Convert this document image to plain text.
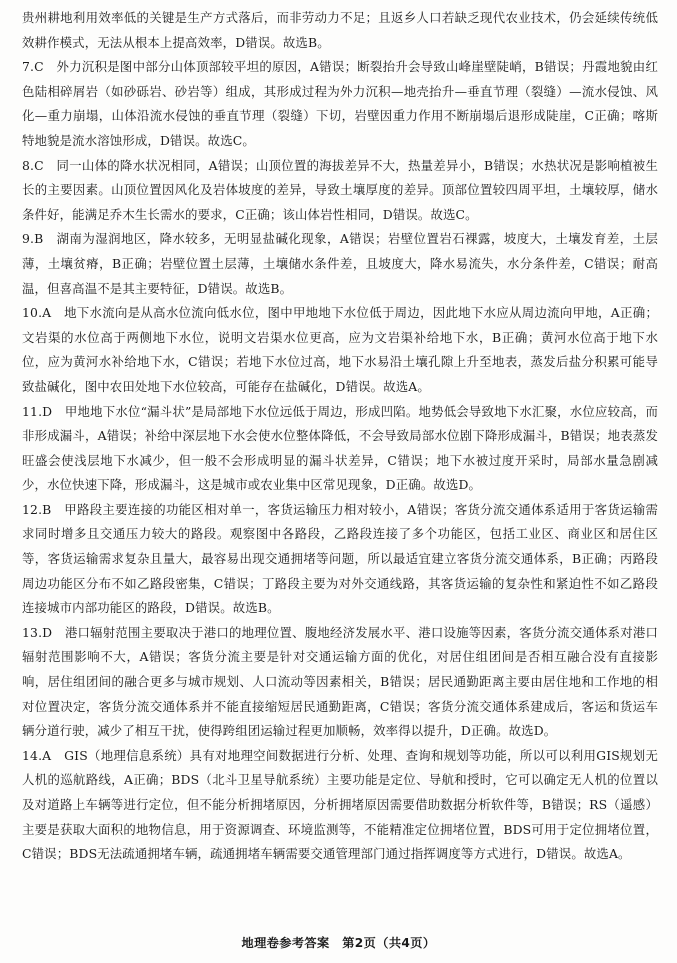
贵州耕地利用效率低的关键是生产方式落后，而非劳动力不足；且返乡人口若缺乏现代农业技术，仍会延续传统低效耕作模式，无法从根本上提高效率，D错误。故选B。

7.C　外力沉积是图中部分山体顶部较平坦的原因，A错误；断裂抬升会导致山峰崖壁陡峭，B错误；丹霞地貌由红色陆相碎屑岩（如砂砾岩、砂岩等）组成，其形成过程为外力沉积—地壳抬升—垂直节理（裂缝）—流水侵蚀、风化—重力崩塌，山体沿流水侵蚀的垂直节理（裂缝）下切，岩壁因重力作用不断崩塌后退形成陡崖，C正确；喀斯特地貌是流水溶蚀形成，D错误。故选C。

8.C　同一山体的降水状况相同，A错误；山顶位置的海拔差异不大，热量差异小，B错误；水热状况是影响植被生长的主要因素。山顶位置因风化及岩体坡度的差异，导致土壤厚度的差异。顶部位置较四周平坦，土壤较厚，储水条件好，能满足乔木生长需水的要求，C正确；该山体岩性相同，D错误。故选C。

9.B　湖南为湿润地区，降水较多，无明显盐碱化现象，A错误；岩壁位置岩石裸露，坡度大，土壤发育差，土层薄，土壤贫瘠，B正确；岩壁位置土层薄，土壤储水条件差，且坡度大，降水易流失，水分条件差，C错误；耐高温，但喜高温不是其主要特征，D错误。故选B。

10.A　地下水流向是从高水位流向低水位，图中甲地地下水位低于周边，因此地下水应从周边流向甲地，A正确；文岩渠的水位高于两侧地下水位，说明文岩渠水位更高，应为文岩渠补给地下水，B正确；黄河水位高于地下水位，应为黄河水补给地下水，C错误；若地下水位过高，地下水易沿土壤孔隙上升至地表，蒸发后盐分积累可能导致盐碱化，图中农田处地下水位较高，可能存在盐碱化，D错误。故选A。

11.D　甲地地下水位“漏斗状”是局部地下水位远低于周边，形成凹陷。地势低会导致地下水汇聚，水位应较高，而非形成漏斗，A错误；补给中深层地下水会使水位整体降低，不会导致局部水位剧下降形成漏斗，B错误；地表蒸发旺盛会使浅层地下水减少，但一般不会形成明显的漏斗状差异，C错误；地下水被过度开采时，局部水量急剧减少，水位快速下降，形成漏斗，这是城市或农业集中区常见现象，D正确。故选D。

12.B　甲路段主要连接的功能区相对单一，客货运输压力相对较小，A错误；客货分流交通体系适用于客货运输需求同时增多且交通压力较大的路段。观察图中各路段，乙路段连接了多个功能区，包括工业区、商业区和居住区等，客货运输需求复杂且量大，最容易出现交通拥堵等问题，所以最适宜建立客货分流交通体系，B正确；丙路段周边功能区分布不如乙路段密集，C错误；丁路段主要为对外交通线路，其客货运输的复杂性和紧迫性不如乙路段连接城市内部功能区的路段，D错误。故选B。

13.D　港口辐射范围主要取决于港口的地理位置、腹地经济发展水平、港口设施等因素，客货分流交通体系对港口辐射范围影响不大，A错误；客货分流主要是针对交通运输方面的优化，对居住组团间是否相互融合没有直接影响，居住组团间的融合更多与城市规划、人口流动等因素相关，B错误；居民通勤距离主要由居住地和工作地的相对位置决定，客货分流交通体系并不能直接缩短居民通勤距离，C错误；客货分流交通体系建成后，客运和货运车辆分道行驶，减少了相互干扰，使得跨组团运输过程更加顺畅，效率得以提升，D正确。故选D。

14.A　GIS（地理信息系统）具有对地理空间数据进行分析、处理、查询和规划等功能，所以可以利用GIS规划无人机的巡航路线，A正确；BDS（北斗卫星导航系统）主要功能是定位、导航和授时，它可以确定无人机的位置以及对道路上车辆等进行定位，但不能分析拥堵原因，分析拥堵原因需要借助数据分析软件等，B错误；RS（遥感）主要是获取大面积的地物信息，用于资源调查、环境监测等，不能精准定位拥堵位置，BDS可用于定位拥堵位置，C错误；BDS无法疏通拥堵车辆，疏通拥堵车辆需要交通管理部门通过指挥调度等方式进行，D错误。故选A。

地理卷参考答案　第2页（共4页）
